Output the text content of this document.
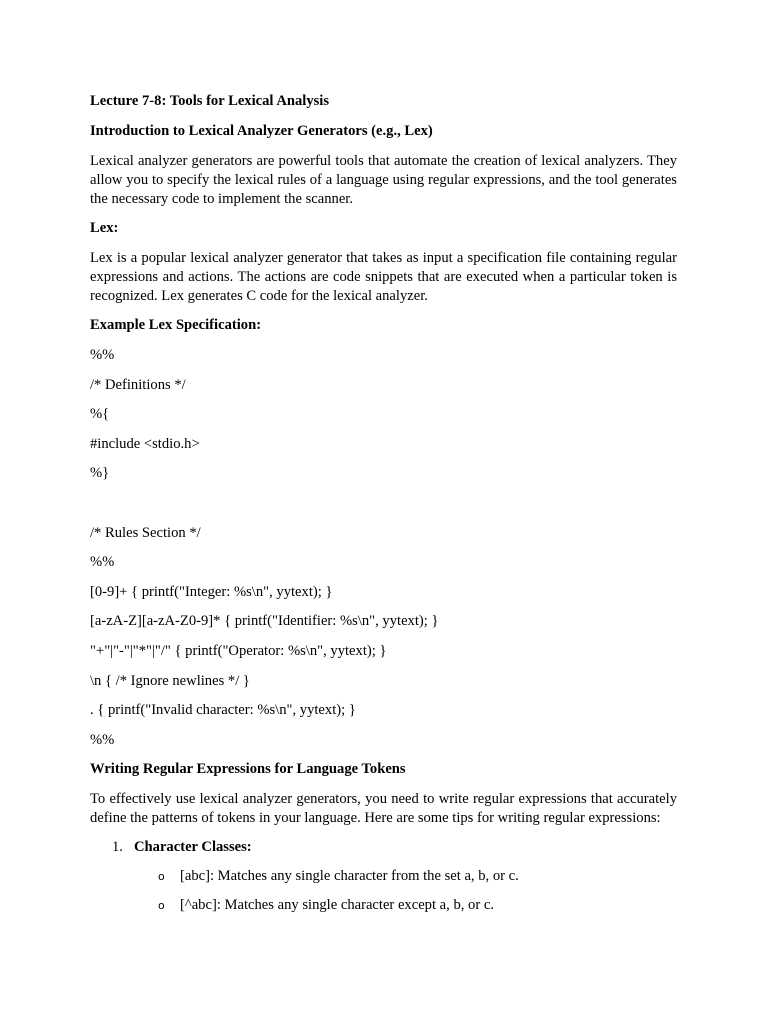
Lecture 7-8: Tools for Lexical Analysis

Introduction to Lexical Analyzer Generators (e.g., Lex)

Lexical analyzer generators are powerful tools that automate the creation of lexical analyzers. They allow you to specify the lexical rules of a language using regular expressions, and the tool generates the necessary code to implement the scanner.

Lex:

Lex is a popular lexical analyzer generator that takes as input a specification file containing regular expressions and actions. The actions are code snippets that are executed when a particular token is recognized. Lex generates C code for the lexical analyzer.

Example Lex Specification:

%%

/* Definitions */

%{

#include <stdio.h>

%}

/* Rules Section */

%%

[0-9]+ { printf("Integer: %s\n", yytext); }

[a-zA-Z][a-zA-Z0-9]* { printf("Identifier: %s\n", yytext); }

"+"|"-"|"*"|"/" { printf("Operator: %s\n", yytext); }

\n { /* Ignore newlines */ }

. { printf("Invalid character: %s\n", yytext); }

%%

Writing Regular Expressions for Language Tokens

To effectively use lexical analyzer generators, you need to write regular expressions that accurately define the patterns of tokens in your language. Here are some tips for writing regular expressions:

1. Character Classes:
o	[abc]: Matches any single character from the set a, b, or c.
o	[^abc]: Matches any single character except a, b, or c.
